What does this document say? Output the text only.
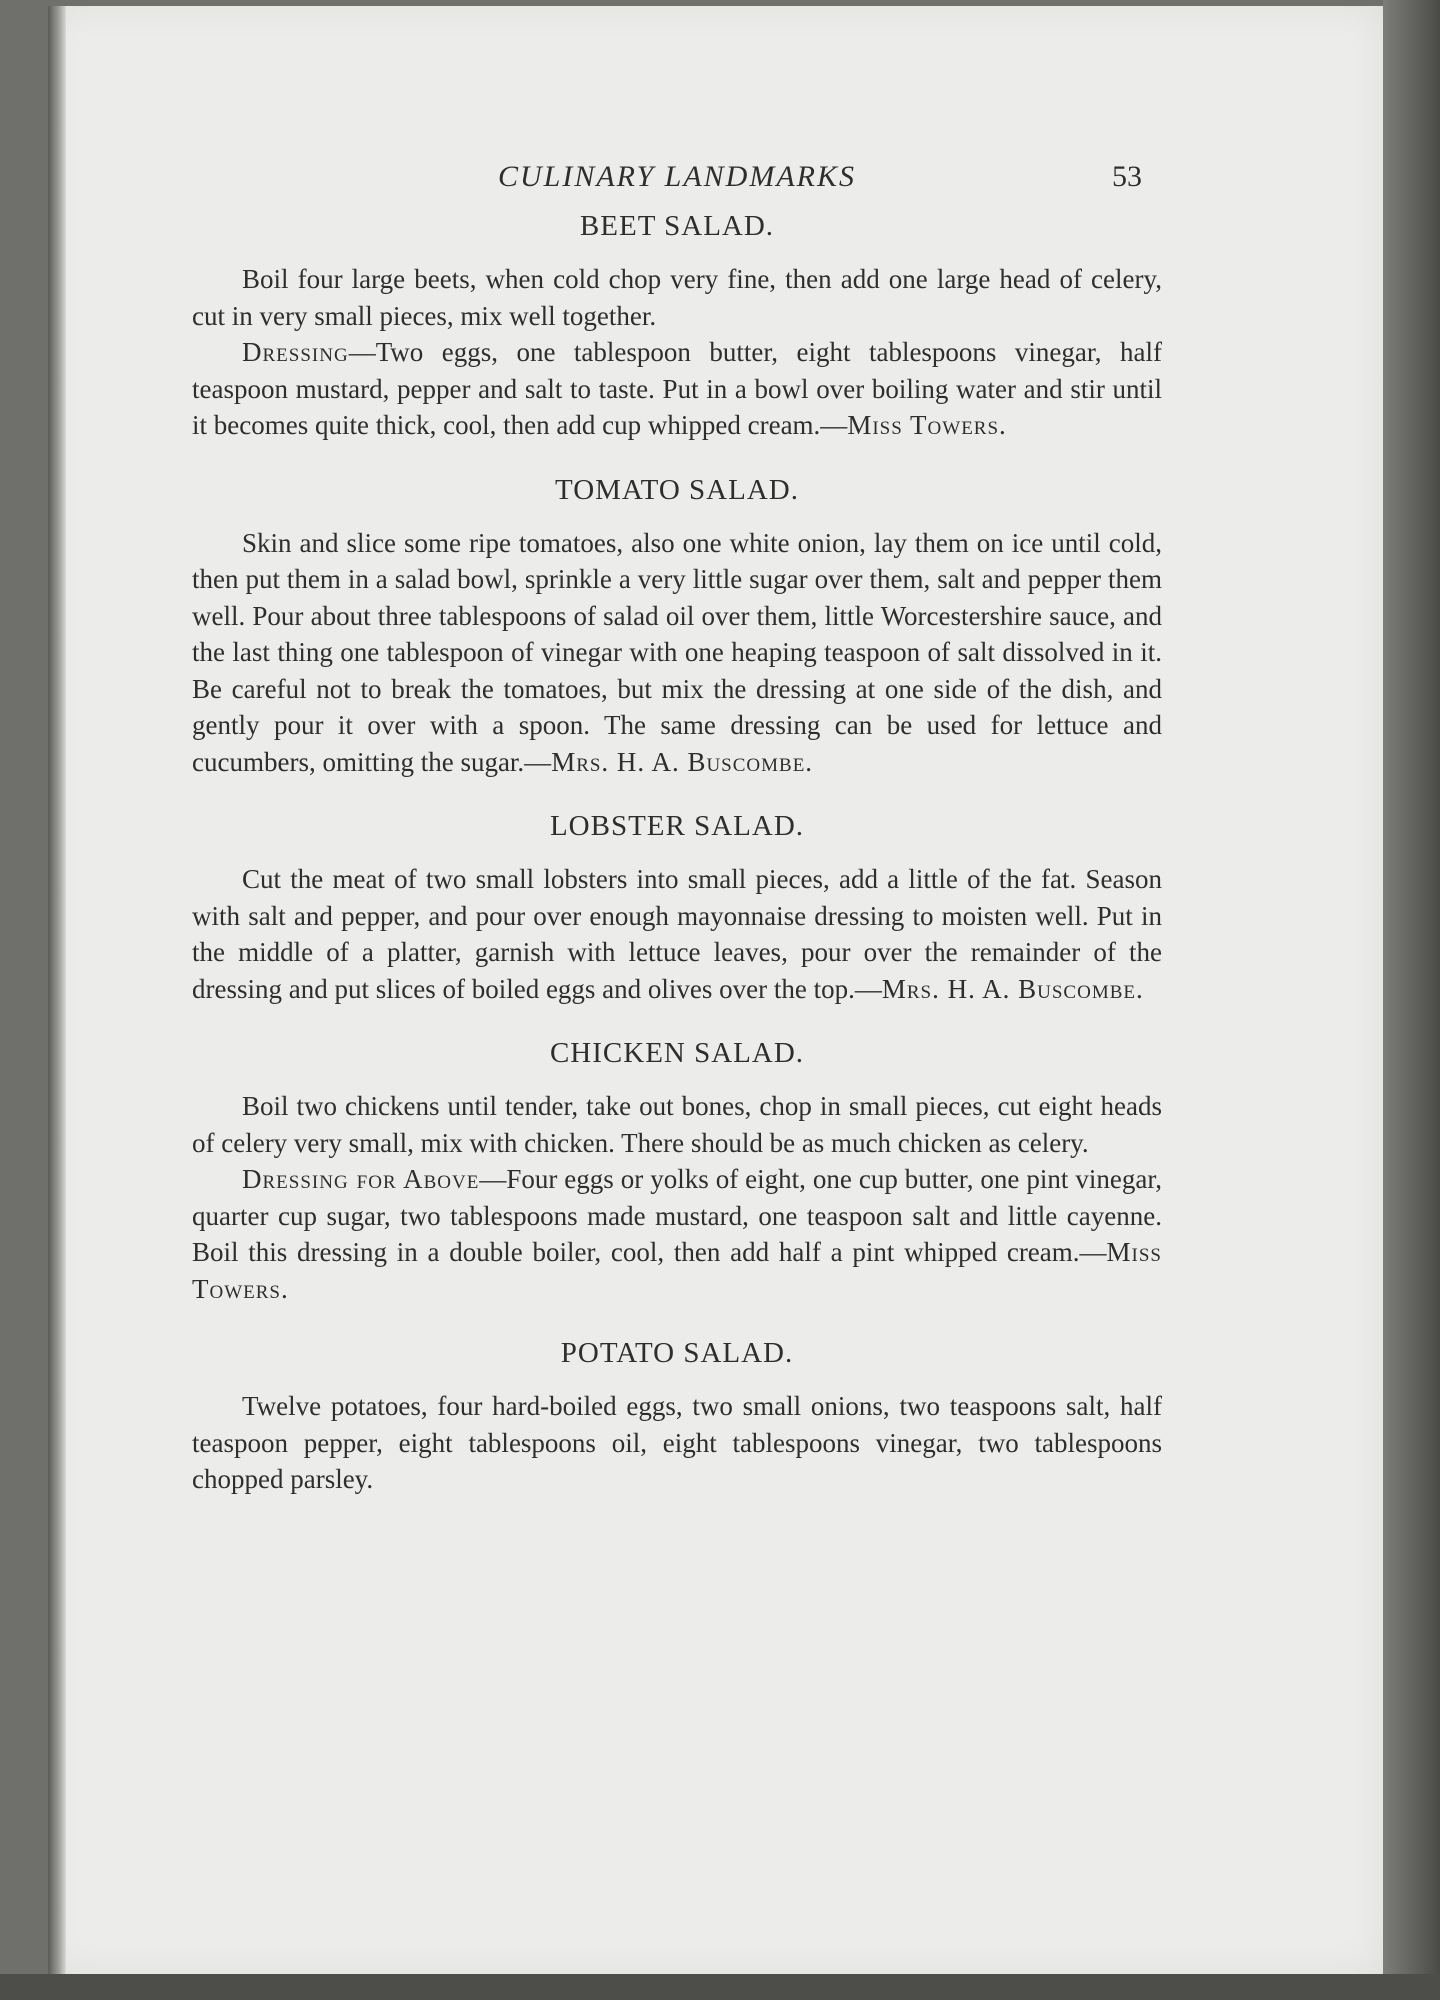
CULINARY LANDMARKS	53
BEET SALAD.

Boil four large beets, when cold chop very fine, then add one large head of celery, cut in very small pieces, mix well together.

Dressing—Two eggs, one tablespoon butter, eight tablespoons vinegar, half teaspoon mustard, pepper and salt to taste. Put in a bowl over boiling water and stir until it becomes quite thick, cool, then add cup whipped cream.—Miss Towers.

TOMATO SALAD.

Skin and slice some ripe tomatoes, also one white onion, lay them on ice until cold, then put them in a salad bowl, sprinkle a very little sugar over them, salt and pepper them well. Pour about three tablespoons of salad oil over them, little Worcestershire sauce, and the last thing one tablespoon of vinegar with one heaping teaspoon of salt dissolved in it. Be careful not to break the tomatoes, but mix the dressing at one side of the dish, and gently pour it over with a spoon. The same dressing can be used for lettuce and cucumbers, omitting the sugar.—Mrs. H. A. Buscombe.

LOBSTER SALAD.

Cut the meat of two small lobsters into small pieces, add a little of the fat. Season with salt and pepper, and pour over enough mayonnaise dressing to moisten well. Put in the middle of a platter, garnish with lettuce leaves, pour over the remainder of the dressing and put slices of boiled eggs and olives over the top.—Mrs. H. A. Buscombe.

CHICKEN SALAD.

Boil two chickens until tender, take out bones, chop in small pieces, cut eight heads of celery very small, mix with chicken. There should be as much chicken as celery.

Dressing for Above—Four eggs or yolks of eight, one cup butter, one pint vinegar, quarter cup sugar, two tablespoons made mustard, one teaspoon salt and little cayenne. Boil this dressing in a double boiler, cool, then add half a pint whipped cream.—Miss Towers.

POTATO SALAD.

Twelve potatoes, four hard-boiled eggs, two small onions, two teaspoons salt, half teaspoon pepper, eight tablespoons oil, eight tablespoons vinegar, two tablespoons chopped parsley.
